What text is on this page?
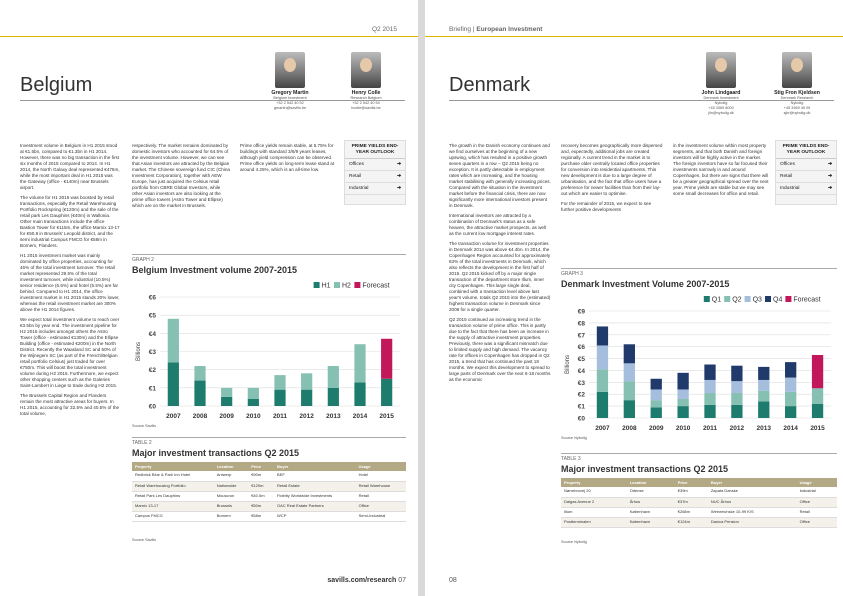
Q2 2015
Belgium	Gregory Martin
Belgium Investment
+32 2 542 40 52
gmartin@savills.be
Henry Colle
Research Belgium
+32 2 542 40 54
hcolle@savills.be

Investment volume in Belgium in H1 2015 stood at €1.5bn, compared to €1.3bn in H1 2014. However, there was no big transaction in the first six months of 2015 compared to 2014. In H1 2014, the North Galaxy deal represented €475m, while the most important deal in H1 2015 was the Gateway (office - €140m) near Brussels airport.

The volume for H1 2015 was boosted by retail transactions, especially the Retail Warehousing Portfolio Rockspring (€120m) and the sale of the retail park Les Dauphins (€40m) in Wallonia. Other main transactions include the office Bastion Tower for €115m, the office Marnix 13-17 for €50.8 in Brussels' Leopold district, and the semi industrial Campus FMCG for €58m in Bornem, Flanders.

H1 2015 investment market was mainly dominated by office properties, accounting for 45% of the total investment turnover. The retail market represented 29.5% of the total investment turnover, while industrial (10.5%) senior residence (6.5%) and hotel (5.5%) are far behind. Compared to H1 2014, the office investment market in H1 2015 stands 20% lower, whereas the retail investment market are 300% above the H1 2014 figures.

We expect total investment volume to reach over €3.5bn by year end. The investment pipeline for H2 2015 includes amongst others the Astro Tower (office - estimated €130m) and the Ellipse Building (office - estimated €200m) in the North District. Recently the Waasland SC and 50% of the Wijnegem SC (as part of the French/Belgian retail portfolio Celsius) just traded for over €750m. This will boost the total investment volume during H2 2015. Furthermore, we expect other shopping centers such as the Galeries Saint-Lambert in Liege to trade during H2 2015.

The Brussels Capital Region and Flanders remain the most attractive areas for buyers. In H1 2015, accounting for 32.5% and 40.5% of the total volume,

respectively. The market remains dominated by domestic investors who accounted for 64.5% of the investment volume. However, we can see that Asian investors are attracted by the Belgian market. The Chinese sovereign fund CIC (China Investment Corporation), together with AEW Europe, has just acquired the Celsius retail portfolio from CBRE Global Investors, while other Asian investors are also looking at the prime office towers (Astro Tower and Ellipse) which are on the market in Brussels.

Prime office yields remain stable, at 5.75% for buildings with standard 3/6/9 years leases, although yield compression can be observed. Prime office yields on long-term lease stand at around 4.25%, which is an all-time low.

PRIME YIELDS END-YEAR OUTLOOK
Offices	➔
Retail	➔
Industrial	➔
GRAPH 2
Belgium Investment volume 2007-2015
€0
€1
€2
€3
€4
€5
€6
Billions
2007 2008 2009 2010 2011 2012 2013 2014 2015
Forecast
H2
H1
Source Savills
TABLE 2
Major investment transactions Q2 2015
Property	Location	Price	Buyer	Usage
Redbrick Blue & Park Inn Hotel	Antwerp	€90m	BEF	Hotel
Retail Warehousing Portfolio	Nationwide	€120m	Retail Estate	Retail Warehouse
Retail Park Les Dauphins	Mouscron	€40.5m	Fidelity Worldwide Investments	Retail
Marnix 13-17	Brussels	€50m	GAC Real Estate Partners	Office
Campus FMCG	Bornem	€58m	WCP	Semi-Industrial
Source Savills
savills.com/research 07
Briefing | European Investment
Denmark	John Lindgaard
Denmark Investment
Nybolig
+45 3369 8000
jlin@nybolig.dk
Stig Fron Kjeldsen
Denmark Research
Nybolig
+45 3369 45 05
sjkr@nybolig.dk

The growth in the Danish economy continues and we find ourselves at the beginning of a new upswing, which has resulted in a positive growth seven quarters in a row – Q2 2015 being no exception. It is partly detectable in employment rates which are increasing, and the housing market stabilising with generally increasing prices. Compared with the situation in the investment market before the financial crisis, there are now significantly more international investors present in Denmark.

International investors are attracted by a combination of Denmark's status as a safe heaven, the attractive market prospects, as well as the current low mortgage interest rates.

The transaction volume for investment properties in Denmark 2014 was above €4.4bn. In 2014, the Copenhagen Region accounted for approximately 63% of the total investments in Denmark, which also reflects the development in the first half of 2015. Q2 2015 kicked off by a major single transaction of the department store Illum, inner city Copenhagen. This large single deal, combined with a transaction level above last year's volume, totals Q2 2015 into the (estimated) highest transaction volume in Denmark since 2008 for a single quarter.

Q2 2015 continued an increasing trend in the transaction volume of prime office. This is partly due to the fact that there has been an increase in the supply of attractive investment properties. Previously, there was a significant mismatch due to limited supply and high demand. The vacancy rate for offices in Copenhagen has dropped in Q2 2015, a trend that has continued the past 18 months. We expect this development to spread to large parts of Denmark over the next 6-18 months as the economic

recovery becomes geographically more dispersed and, expectedly, additional jobs are created regionally. A current trend in the market is to purchase older centrally located office properties for conversion into residential apartments. This new development is due to a large degree of urbanisation, and the fact that office users have a preference for newer facilities than from their lay-out which are easier to optimise.

For the remainder of 2015, we expect to see further positive developments

in the investment volume within most property segments, and that both Danish and foreign investors will be highly active in the market. The foreign investors have so far focused their investments narrowly in and around Copenhagen, but there are signs that there will be a greater geographical spread over the next year. Prime yields are stable but we may see some small decreases for office and retail.

PRIME YIELDS END-YEAR OUTLOOK
Offices	➔
Retail	➔
Industrial	➔
GRAPH 3
Denmark Investment Volume 2007-2015
€0
€1
€2
€3
€4
€5
€6
€7
€8
€9
Billions
2007 2008 2009 2010 2011 2012 2013 2014 2015
Forecast
Q4
Q3
Q2
Q1
Source Nybolig
TABLE 3
Major investment transactions Q2 2015
Property	Location	Price	Buyer	Usage
Nørrebrovej 20	Odense	€39m	Zapata Danske	Industrial
Dalgas Avenue 2	Århus	€37m	NUC Århus	Office
Illum	København	€268m	Weinreichske 10-99 K/S	Retail
Postterminalen	København	€124m	Danica Pension	Office
Source Nybolig
08
